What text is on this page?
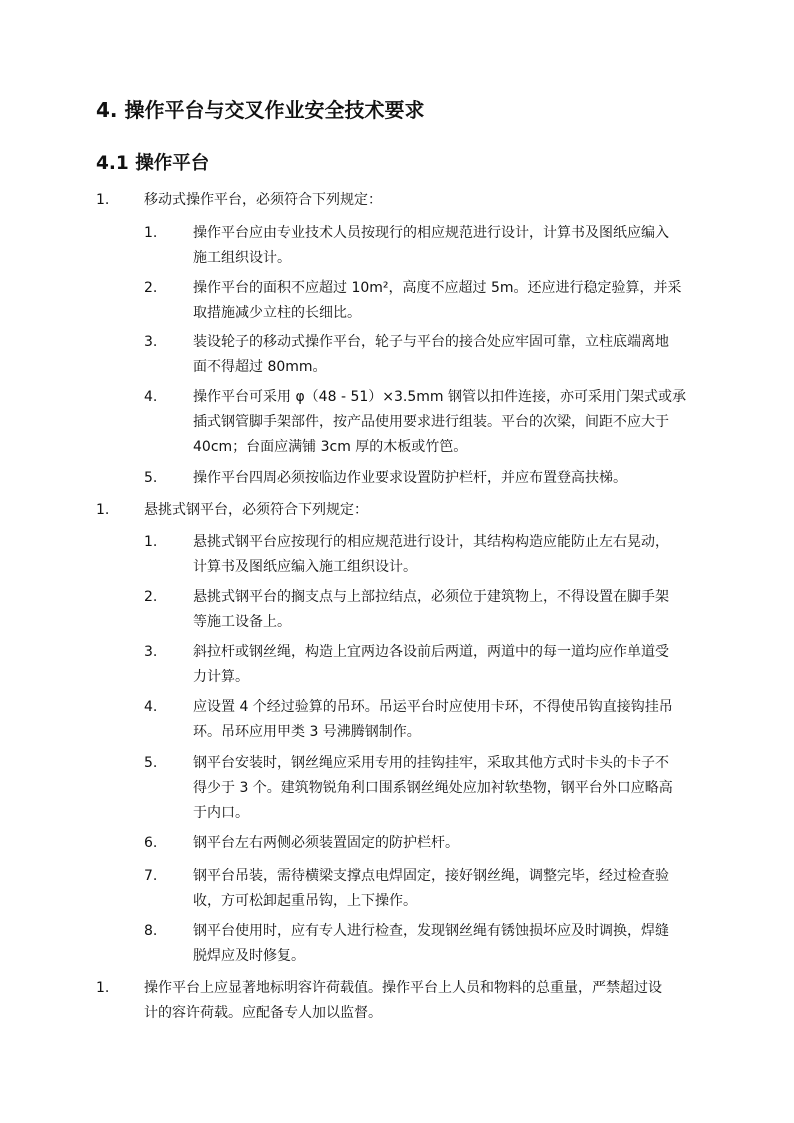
4. 操作平台与交叉作业安全技术要求
4.1 操作平台
1. 移动式操作平台，必须符合下列规定：
1.	操作平台应由专业技术人员按现行的相应规范进行设计，计算书及图纸应编入
施工组织设计。
2.	操作平台的面积不应超过 10m²，高度不应超过 5m。还应进行稳定验算，并采
取措施减少立柱的长细比。
3.	装设轮子的移动式操作平台，轮子与平台的接合处应牢固可靠，立柱底端离地
面不得超过 80mm。
4.	操作平台可采用 φ（48 - 51）×3.5mm 钢管以扣件连接，亦可采用门架式或承
插式钢管脚手架部件，按产品使用要求进行组装。平台的次梁，间距不应大于
40cm；台面应满铺 3cm 厚的木板或竹笆。
5.	操作平台四周必须按临边作业要求设置防护栏杆，并应布置登高扶梯。
1. 悬挑式钢平台，必须符合下列规定：
1.	悬挑式钢平台应按现行的相应规范进行设计，其结构构造应能防止左右晃动，
计算书及图纸应编入施工组织设计。
2.	悬挑式钢平台的搁支点与上部拉结点，必须位于建筑物上，不得设置在脚手架
等施工设备上。
3.	斜拉杆或钢丝绳，构造上宜两边各设前后两道，两道中的每一道均应作单道受
力计算。
4.	应设置 4 个经过验算的吊环。吊运平台时应使用卡环，不得使吊钩直接钩挂吊
环。吊环应用甲类 3 号沸腾钢制作。
5.	钢平台安装时，钢丝绳应采用专用的挂钩挂牢，采取其他方式时卡头的卡子不
得少于 3 个。建筑物锐角利口围系钢丝绳处应加衬软垫物，钢平台外口应略高
于内口。
6.	钢平台左右两侧必须装置固定的防护栏杆。
7.	钢平台吊装，需待横梁支撑点电焊固定，接好钢丝绳，调整完毕，经过检查验
收，方可松卸起重吊钩，上下操作。
8.	钢平台使用时，应有专人进行检查，发现钢丝绳有锈蚀损坏应及时调换，焊缝
脱焊应及时修复。
1. 操作平台上应显著地标明容许荷载值。操作平台上人员和物料的总重量，严禁超过设
计的容许荷载。应配备专人加以监督。
